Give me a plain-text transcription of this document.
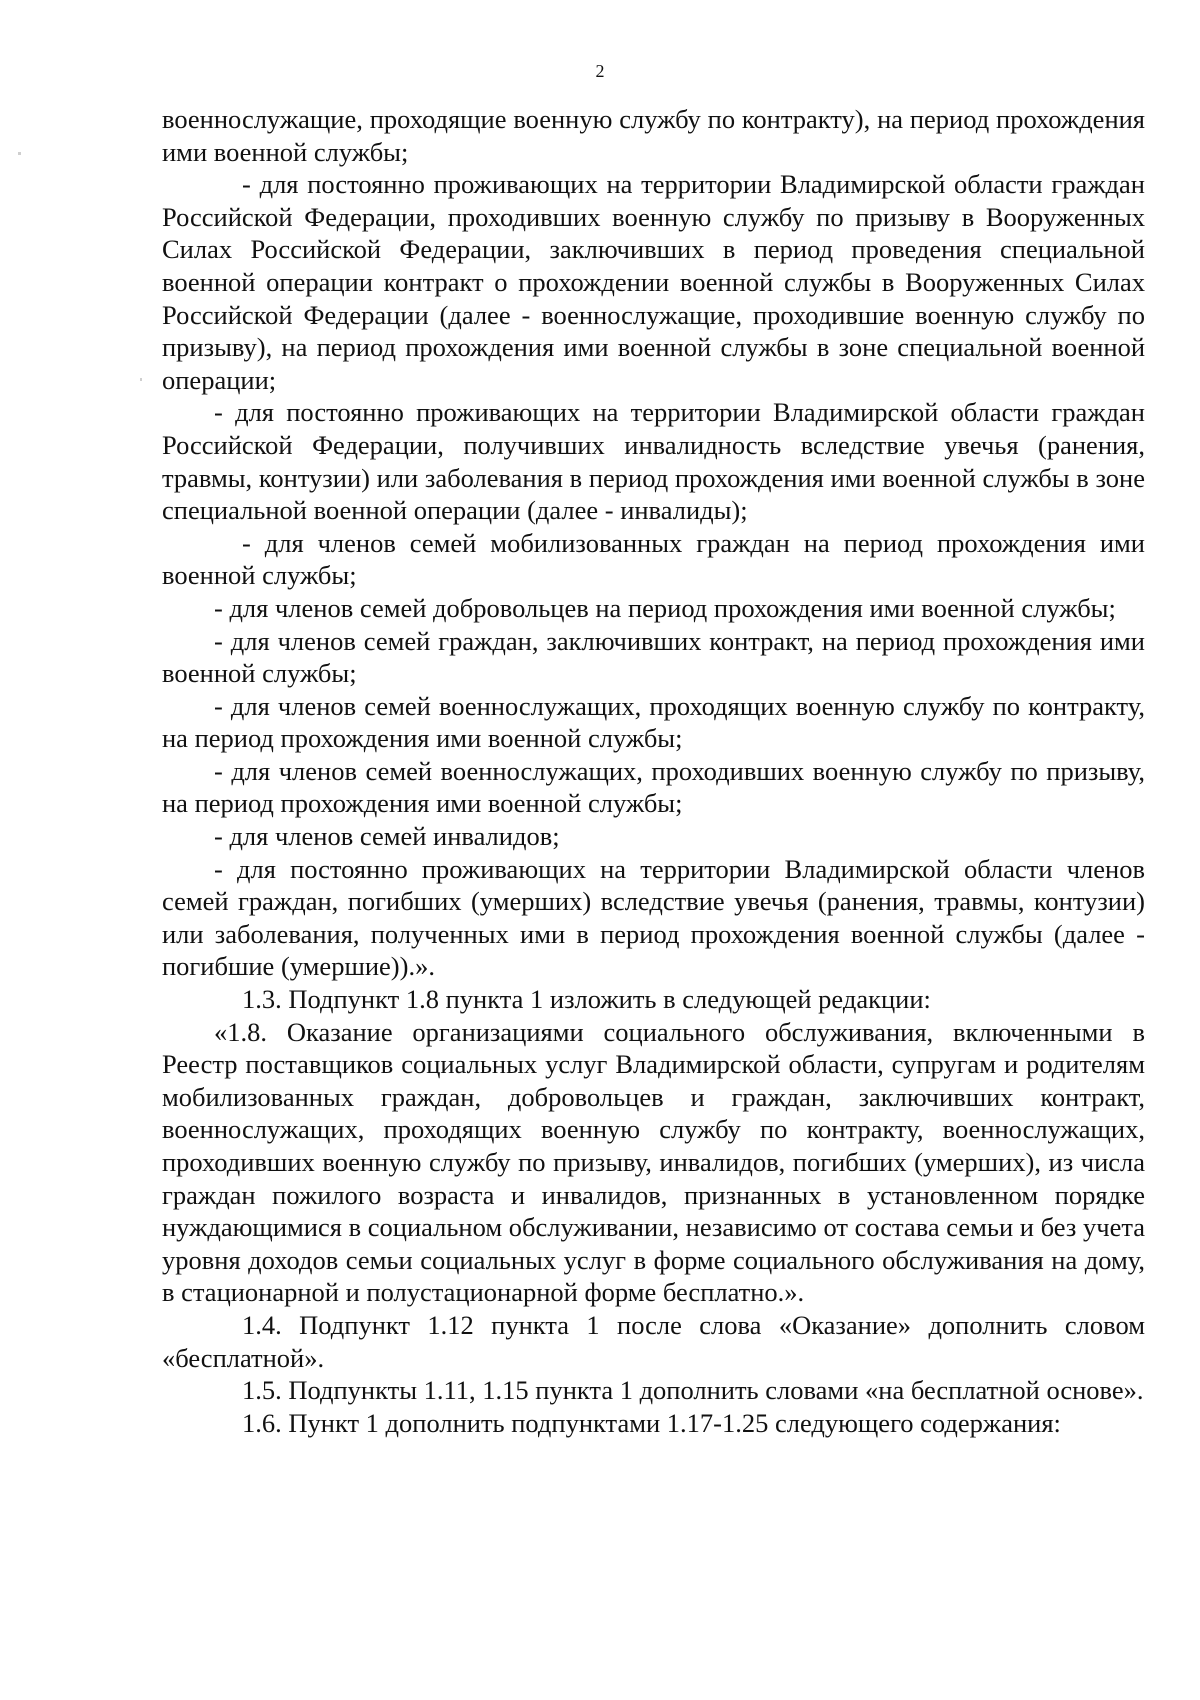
2

военнослужащие, проходящие военную службу по контракту), на период прохождения ими военной службы;

- для постоянно проживающих на территории Владимирской области граждан Российской Федерации, проходивших военную службу по призыву в Вооруженных Силах Российской Федерации, заключивших в период проведения специальной военной операции контракт о прохождении военной службы в Вооруженных Силах Российской Федерации (далее - военнослужащие, проходившие военную службу по призыву), на период прохождения ими военной службы в зоне специальной военной операции;

- для постоянно проживающих на территории Владимирской области граждан Российской Федерации, получивших инвалидность вследствие увечья (ранения, травмы, контузии) или заболевания в период прохождения ими военной службы в зоне специальной военной операции (далее - инвалиды);

- для членов семей мобилизованных граждан на период прохождения ими военной службы;

- для членов семей добровольцев на период прохождения ими военной службы;

- для членов семей граждан, заключивших контракт, на период прохождения ими военной службы;

- для членов семей военнослужащих, проходящих военную службу по контракту, на период прохождения ими военной службы;

- для членов семей военнослужащих, проходивших военную службу по призыву, на период прохождения ими военной службы;

- для членов семей инвалидов;

- для постоянно проживающих на территории Владимирской области членов семей граждан, погибших (умерших) вследствие увечья (ранения, травмы, контузии) или заболевания, полученных ими в период прохождения военной службы (далее - погибшие (умершие)).».

1.3. Подпункт 1.8 пункта 1 изложить в следующей редакции:

«1.8. Оказание организациями социального обслуживания, включенными в Реестр поставщиков социальных услуг Владимирской области, супругам и родителям мобилизованных граждан, добровольцев и граждан, заключивших контракт, военнослужащих, проходящих военную службу по контракту, военнослужащих, проходивших военную службу по призыву, инвалидов, погибших (умерших), из числа граждан пожилого возраста и инвалидов, признанных в установленном порядке нуждающимися в социальном обслуживании, независимо от состава семьи и без учета уровня доходов семьи социальных услуг в форме социального обслуживания на дому, в стационарной и полустационарной форме бесплатно.».

1.4. Подпункт 1.12 пункта 1 после слова «Оказание» дополнить словом «бесплатной».

1.5. Подпункты 1.11, 1.15 пункта 1 дополнить словами «на бесплатной основе».

1.6. Пункт 1 дополнить подпунктами 1.17-1.25 следующего содержания:
